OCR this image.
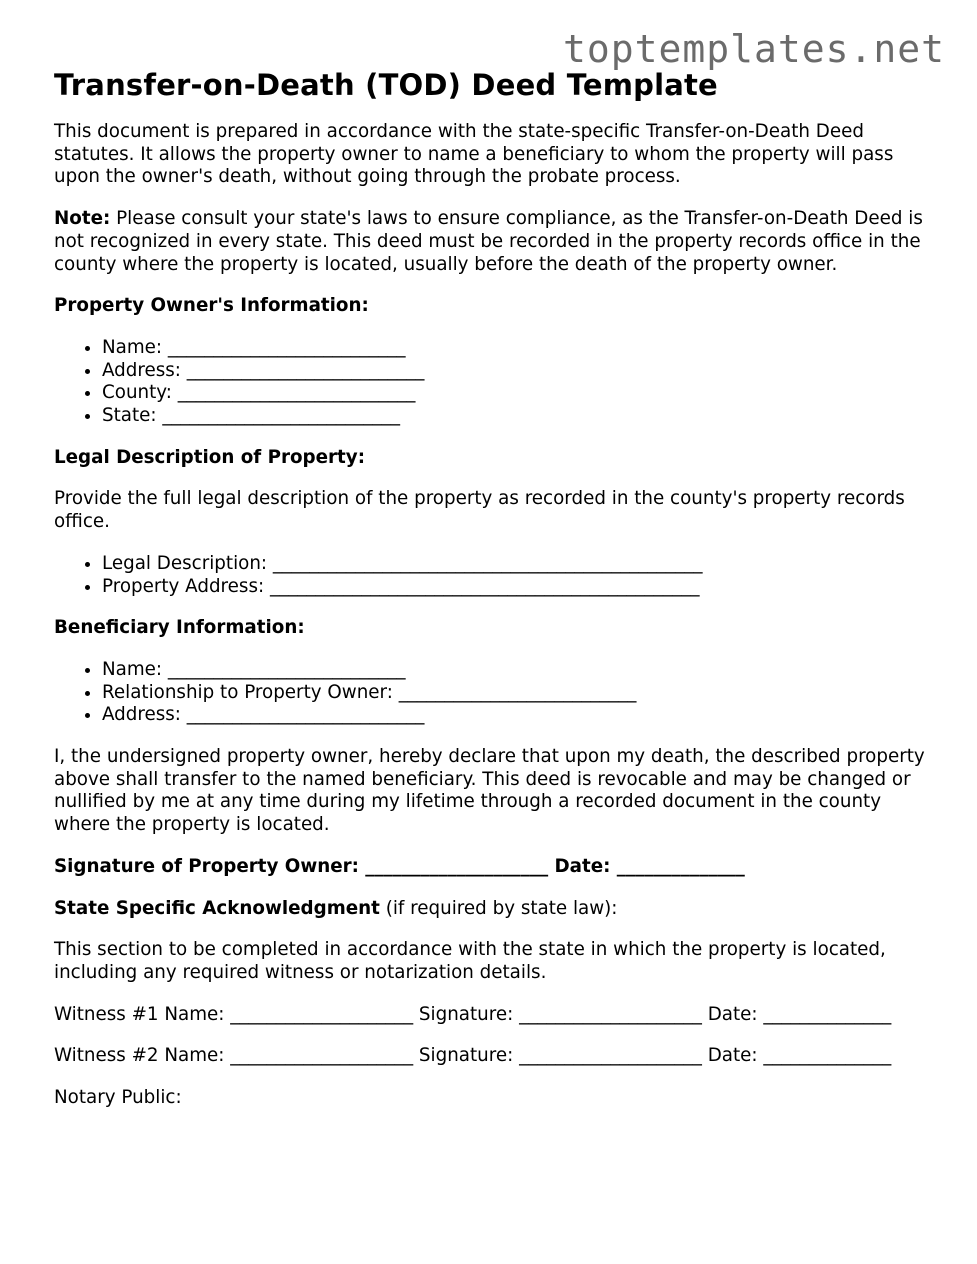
toptemplates.net
Transfer-on-Death (TOD) Deed Template

This document is prepared in accordance with the state-specific Transfer-on-Death Deed statutes. It allows the property owner to name a beneficiary to whom the property will pass upon the owner's death, without going through the probate process.

Note: Please consult your state's laws to ensure compliance, as the Transfer-on-Death Deed is not recognized in every state. This deed must be recorded in the property records office in the county where the property is located, usually before the death of the property owner.

Property Owner's Information:

• Name: __________________________
• Address: __________________________
• County: __________________________
• State: __________________________

Legal Description of Property:

Provide the full legal description of the property as recorded in the county's property records office.

• Legal Description: _______________________________________________
• Property Address: _______________________________________________

Beneficiary Information:

• Name: __________________________
• Relationship to Property Owner: __________________________
• Address: __________________________

I, the undersigned property owner, hereby declare that upon my death, the described property above shall transfer to the named beneficiary. This deed is revocable and may be changed or nullified by me at any time during my lifetime through a recorded document in the county where the property is located.

Signature of Property Owner: ____________________ Date: ______________

State Specific Acknowledgment (if required by state law):

This section to be completed in accordance with the state in which the property is located, including any required witness or notarization details.

Witness #1 Name: ____________________ Signature: ____________________ Date: ______________

Witness #2 Name: ____________________ Signature: ____________________ Date: ______________

Notary Public:
